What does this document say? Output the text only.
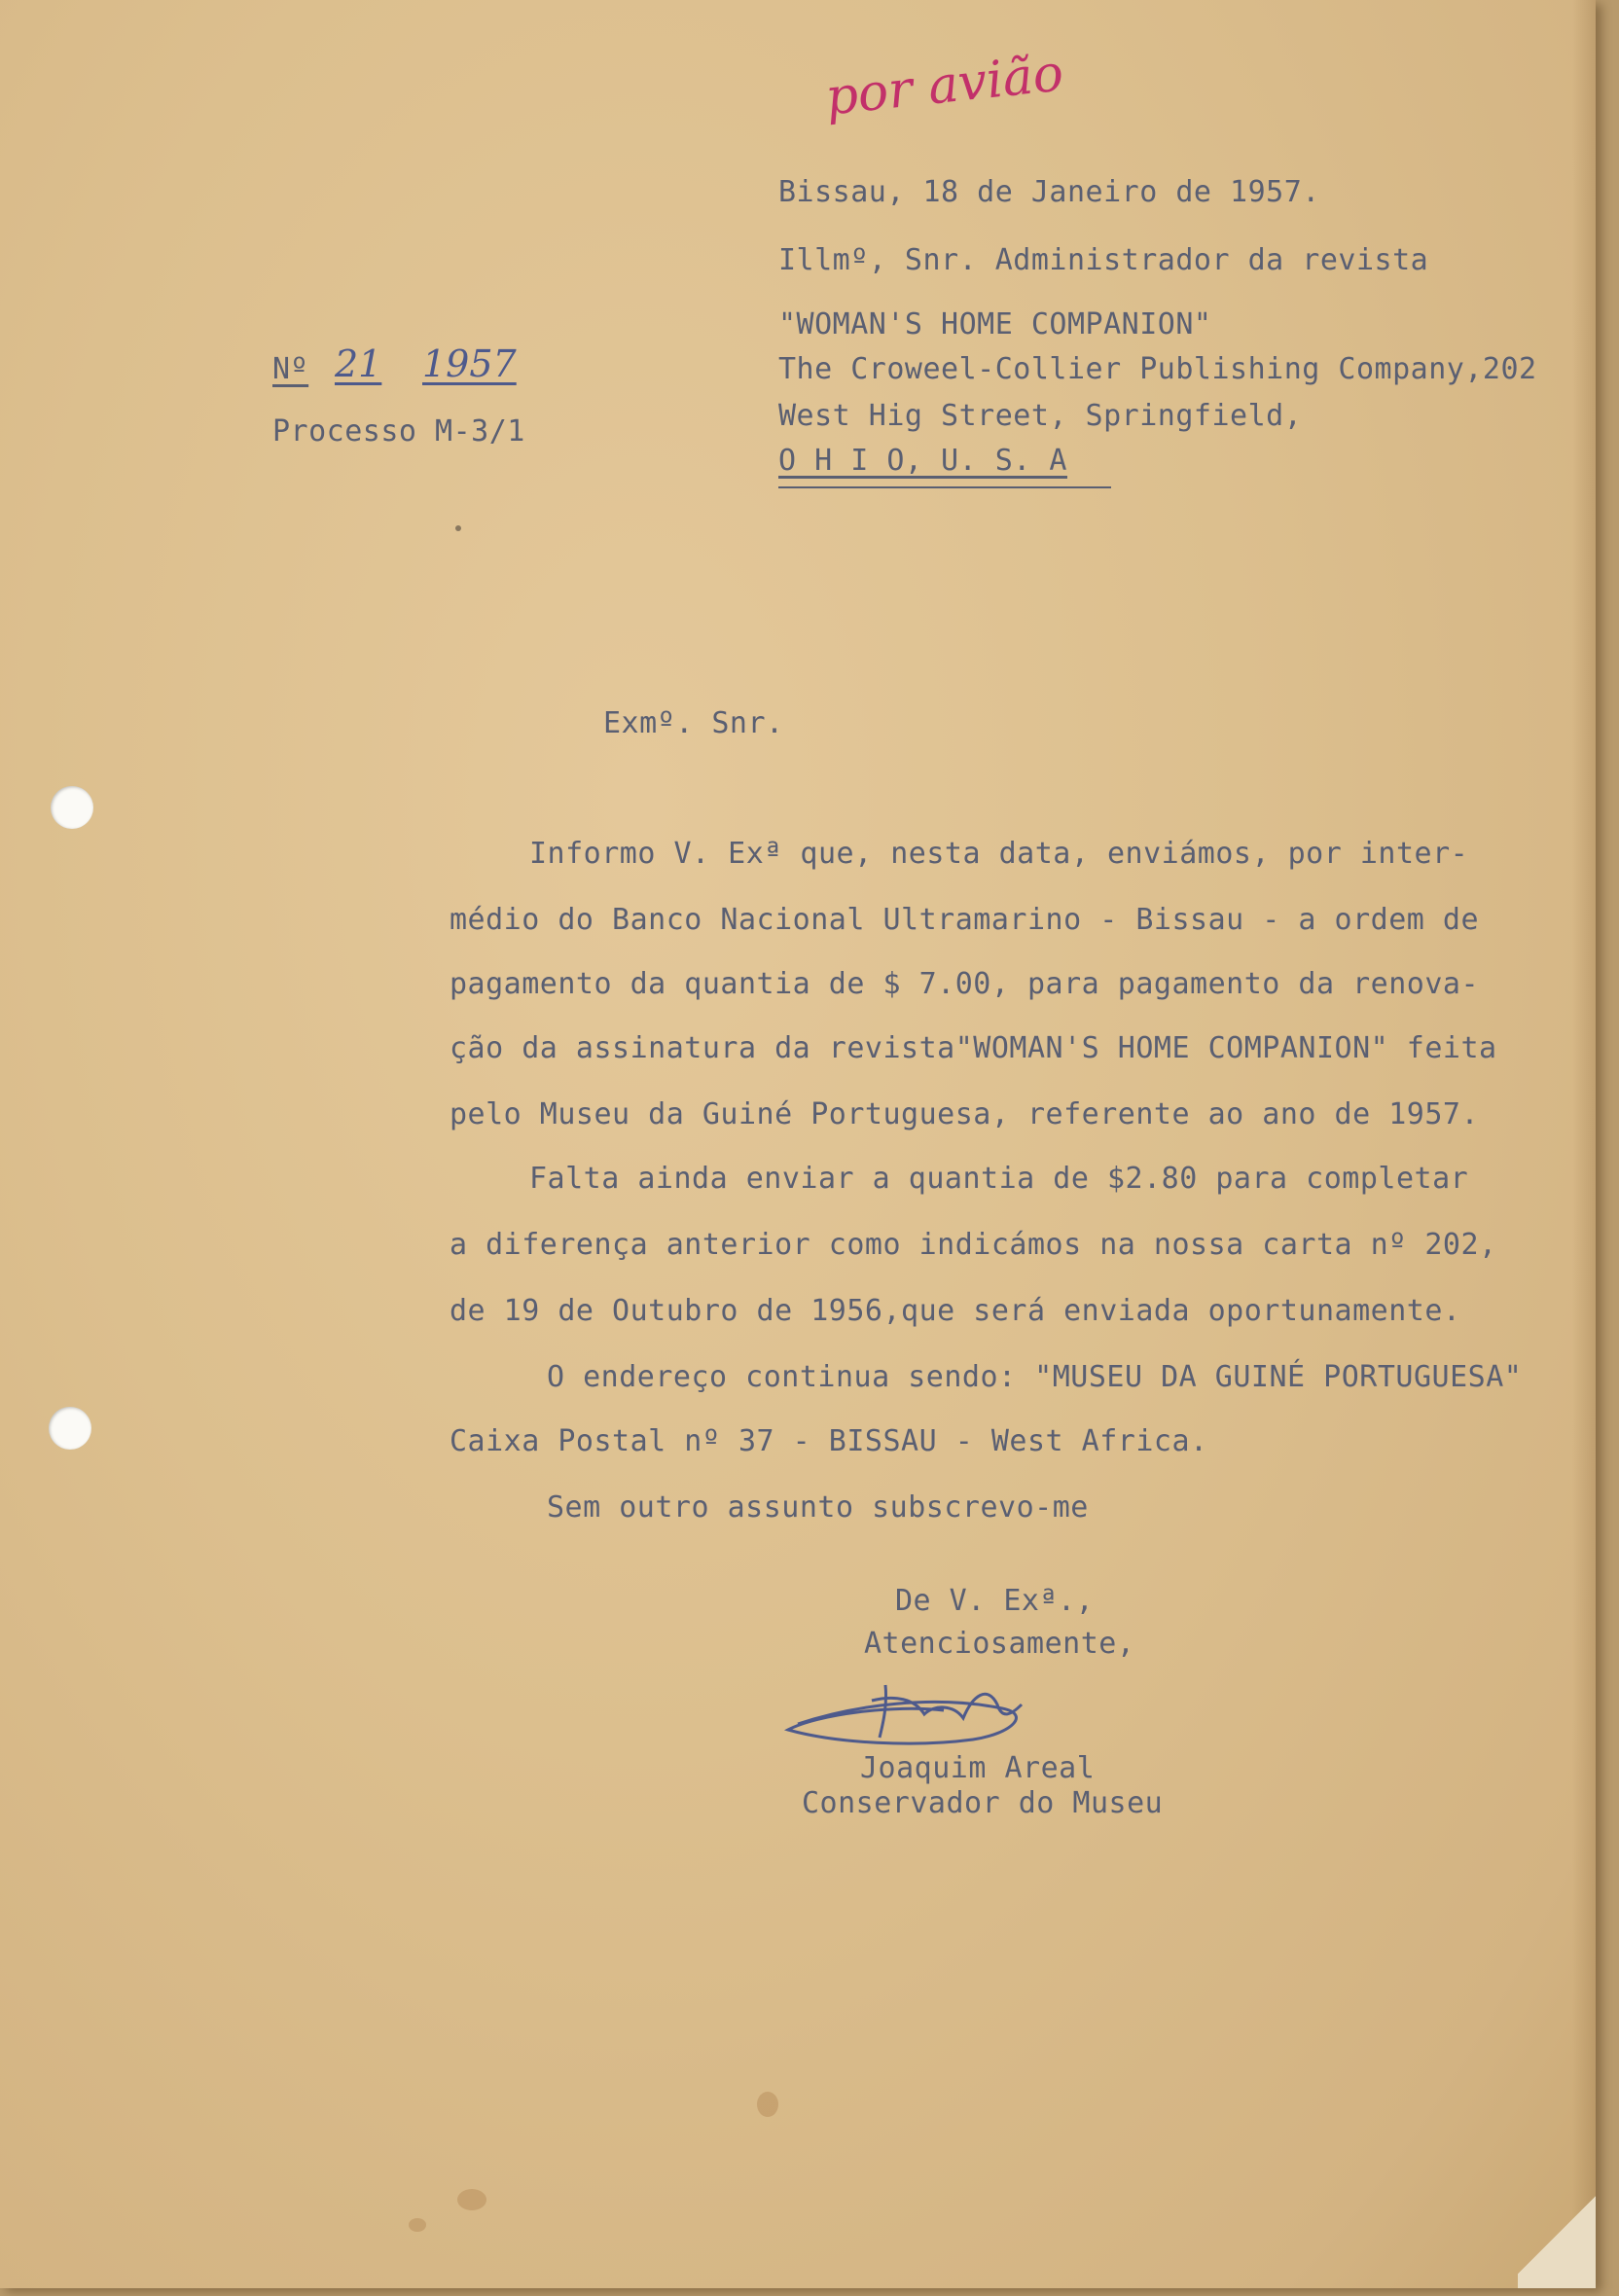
por avião
Bissau, 18 de Janeiro de 1957.
Illmº, Snr. Administrador da revista
"WOMAN'S HOME COMPANION"
The Croweel-Collier Publishing Company,202
West Hig Street, Springfield,
O H I O, U. S. A
Nº 21 1957
Processo M-3/1
Exmº. Snr.
Informo V. Exª que, nesta data, enviámos, por inter-
médio do Banco Nacional Ultramarino - Bissau - a ordem de
pagamento da quantia de $ 7.00, para pagamento da renova-
ção da assinatura da revista"WOMAN'S HOME COMPANION" feita
pelo Museu da Guiné Portuguesa, referente ao ano de 1957.
Falta ainda enviar a quantia de $2.80 para completar
a diferença anterior como indicámos na nossa carta nº 202,
de 19 de Outubro de 1956,que será enviada oportunamente.
O endereço continua sendo: "MUSEU DA GUINÉ PORTUGUESA"
Caixa Postal nº 37 - BISSAU - West Africa.
Sem outro assunto subscrevo-me
De V. Exª.,
Atenciosamente,
Joaquim Areal
Conservador do Museu
